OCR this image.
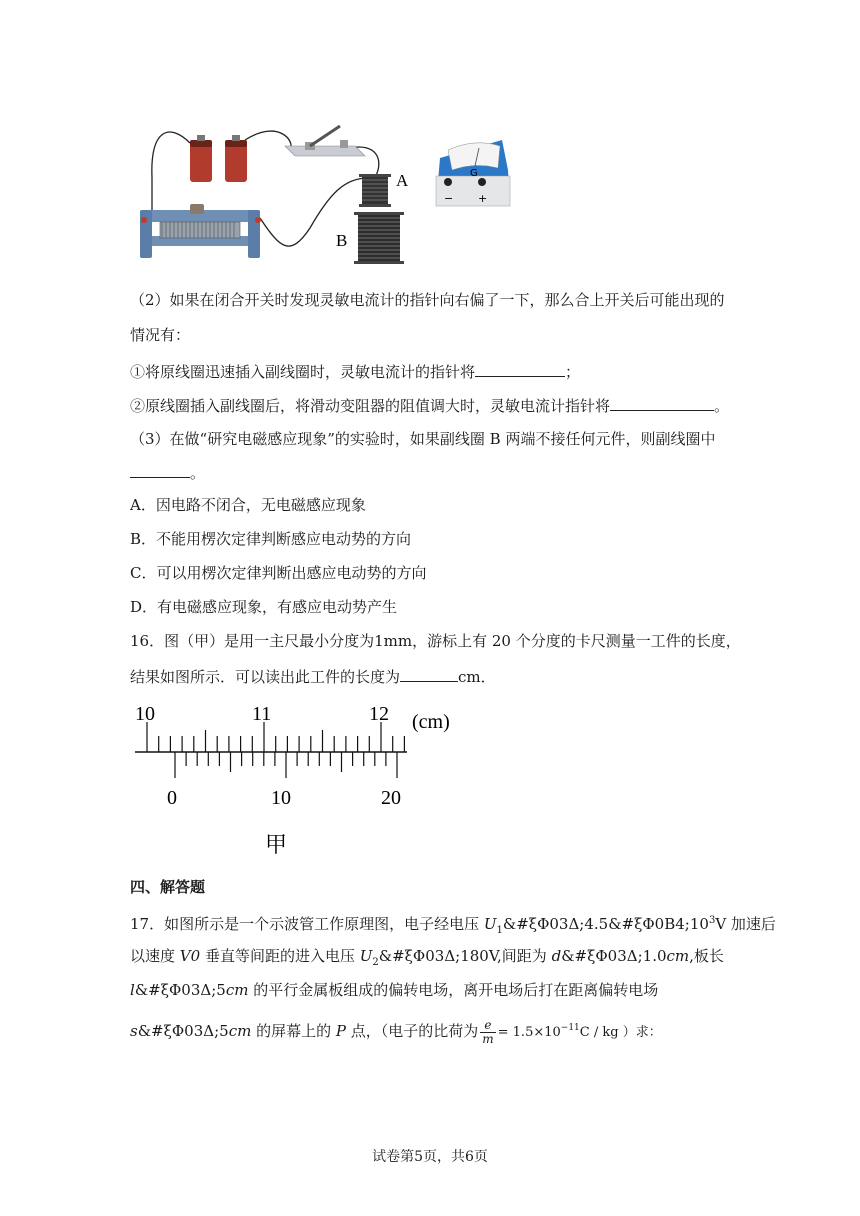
A
B
G
− +
（2）如果在闭合开关时发现灵敏电流计的指针向右偏了一下，那么合上开关后可能出现的
情况有：
①将原线圈迅速插入副线圈时，灵敏电流计的指针将	；
②原线圈插入副线圈后，将滑动变阻器的阻值调大时，灵敏电流计指针将	。
（3）在做“研究电磁感应现象”的实验时，如果副线圈 B 两端不接任何元件，则副线圈中
。
A．因电路不闭合，无电磁感应现象
B．不能用楞次定律判断感应电动势的方向
C．可以用楞次定律判断出感应电动势的方向
D．有电磁感应现象，有感应电动势产生
16．图（甲）是用一主尺最小分度为1mm，游标上有 20 个分度的卡尺测量一工件的长度，
结果如图所示．可以读出此工件的长度为	cm．
10	11	12 (cm)
0	10	20
甲
四、解答题
17．如图所示是一个示波管工作原理图，电子经电压 $U_1\&\#\xi\Phi 03\Delta;4.5\&\#\xi\Phi 0B4;10^3V$ 加速后
以速度 V0 垂直等间距的进入电压 $U_2\&\#\xi\Phi 03\Delta;180V$,间距为 d&#ξΦ03Δ;1.0cm,板长
l&#ξΦ03Δ;5cm 的平行金属板组成的偏转电场，离开电场后打在距离偏转电场
s&#ξΦ03Δ;5cm 的屏幕上的 P 点，（电子的比荷为 $\frac{e}{m} = 1.5\times 10^{-11}C$ / kg ）求：
试卷第5页，共6页
